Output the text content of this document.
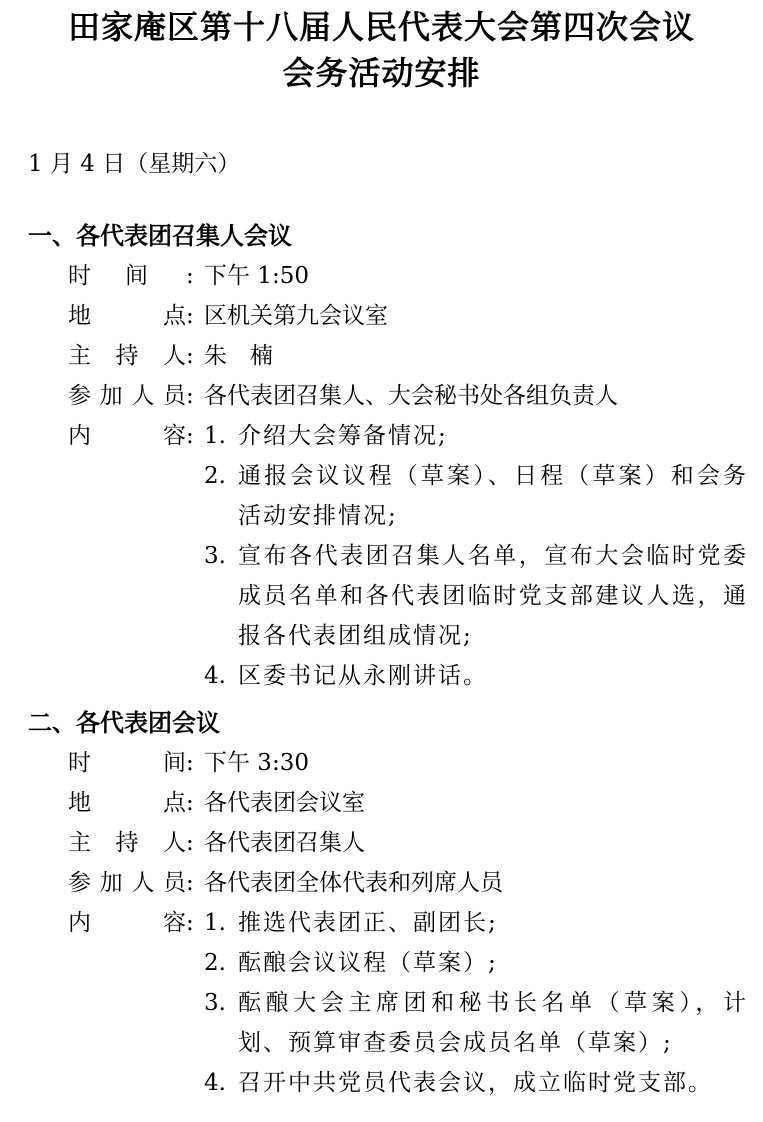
田家庵区第十八届人民代表大会第四次会议
会务活动安排
1 月 4 日（星期六）
一、各代表团召集人会议
时 间 : 下午 1:50
地	点 : 区机关第九会议室
主 持 人 : 朱　楠
参 加 人 员 : 各代表团召集人、大会秘书处各组负责人
内	容 : 1. 介绍大会筹备情况;
2. 通报会议议程（草案）、日程（草案）和会务活动安排情况;
3. 宣布各代表团召集人名单，宣布大会临时党委成员名单和各代表团临时党支部建议人选，通报各代表团组成情况;
4. 区委书记从永刚讲话。
二、各代表团会议
时	间 : 下午 3:30
地	点 : 各代表团会议室
主 持 人 : 各代表团召集人
参 加 人 员 : 各代表团全体代表和列席人员
内	容 : 1. 推选代表团正、副团长;
2. 酝酿会议议程（草案）;
3. 酝酿大会主席团和秘书长名单（草案），计划、预算审查委员会成员名单（草案）;
4. 召开中共党员代表会议，成立临时党支部。
